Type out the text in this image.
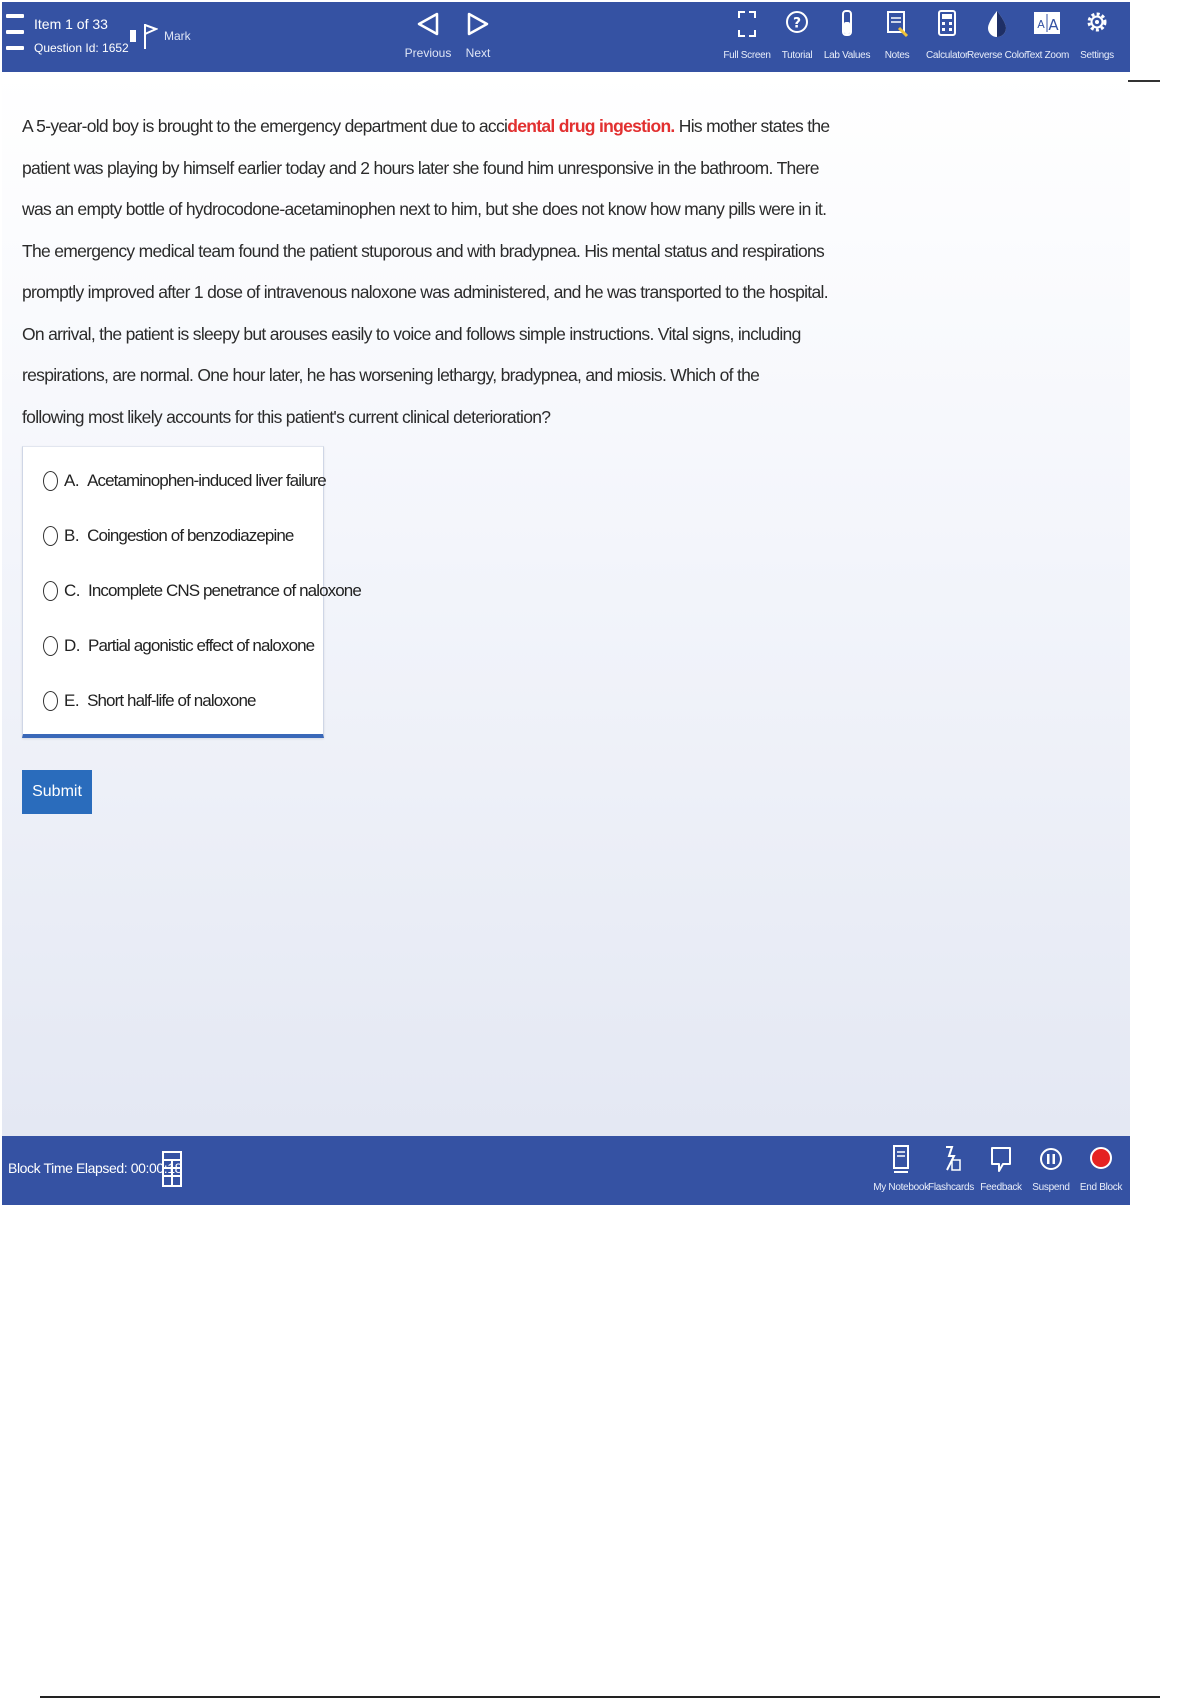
Item 1 of 33
Question Id: 1652
Mark
Previous Next	Full Screen
?
Tutorial Lab Values Notes Calculator
Reverse Color
A A
Text Zoom Settings

A 5-year-old boy is brought to the emergency department due to accidental drug ingestion. His mother states the

patient was playing by himself earlier today and 2 hours later she found him unresponsive in the bathroom. There

was an empty bottle of hydrocodone-acetaminophen next to him, but she does not know how many pills were in it.

The emergency medical team found the patient stuporous and with bradypnea. His mental status and respirations

promptly improved after 1 dose of intravenous naloxone was administered, and he was transported to the hospital.

On arrival, the patient is sleepy but arouses easily to voice and follows simple instructions. Vital signs, including

respirations, are normal. One hour later, he has worsening lethargy, bradypnea, and miosis. Which of the

following most likely accounts for this patient's current clinical deterioration?

A. Acetaminophen-induced liver failure
B. Coingestion of benzodiazepine
C. Incomplete CNS penetrance of naloxone
D. Partial agonistic effect of naloxone
E. Short half-life of naloxone
Submit
Block Time Elapsed: 00:00:18
My Notebook Flashcards Feedback Suspend End Block
